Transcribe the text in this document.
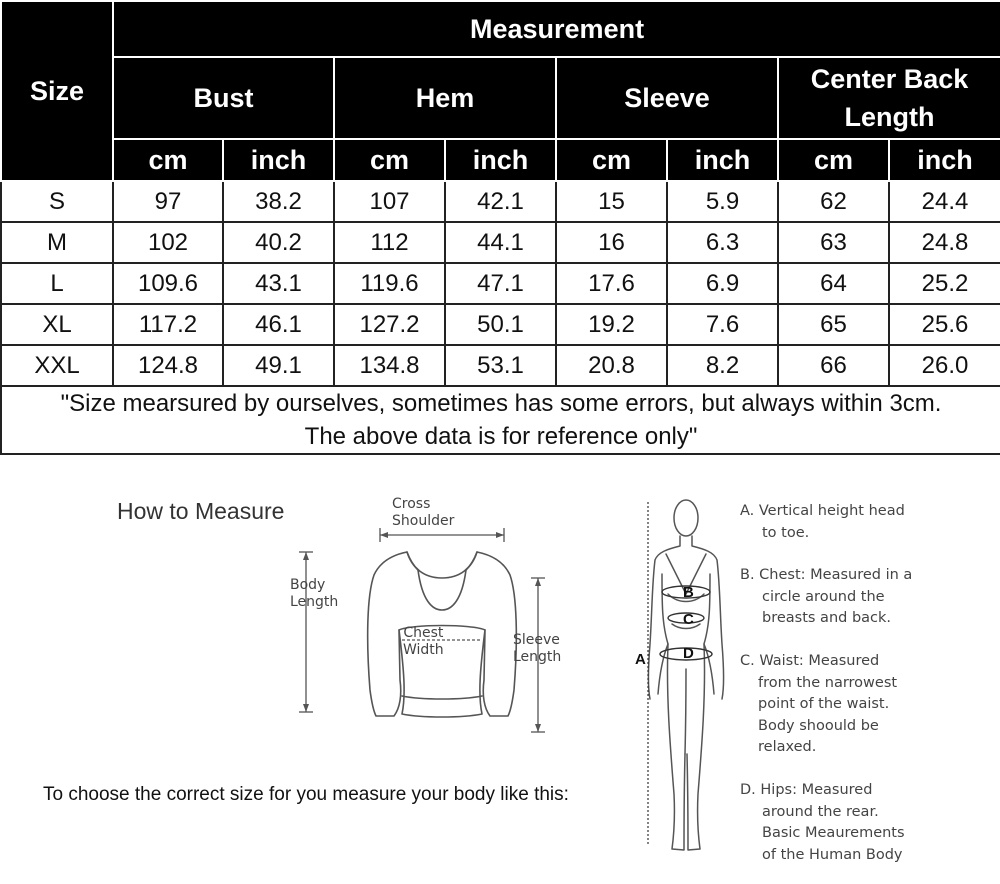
Size	Measurement							
	Bust		Hem		Sleeve		Center Back Length	
	cm	inch	cm	inch	cm	inch	cm	inch
S	97	38.2	107	42.1	15	5.9	62	24.4
M	102	40.2	112	44.1	16	6.3	63	24.8
L	109.6	43.1	119.6	47.1	17.6	6.9	64	25.2
XL	117.2	46.1	127.2	50.1	19.2	7.6	65	25.6
XXL	124.8	49.1	134.8	53.1	20.8	8.2	66	26.0

"Size mearsured by ourselves, sometimes has some errors, but always within 3cm.
The above data is for reference only"								
How to Measure	Cross
Shoulder
Body
Length
Chest
Width
Sleeve
Length	A
B
C
D
A. Vertical height head
to toe.
B. Chest: Measured in a
circle around the
breasts and back.
C. Waist: Measured
from the narrowest
point of the waist.
Body shoould be
relaxed.
D. Hips: Measured
around the rear.
Basic Meaurements
of the Human Body
To choose the correct size for you measure your body like this:
